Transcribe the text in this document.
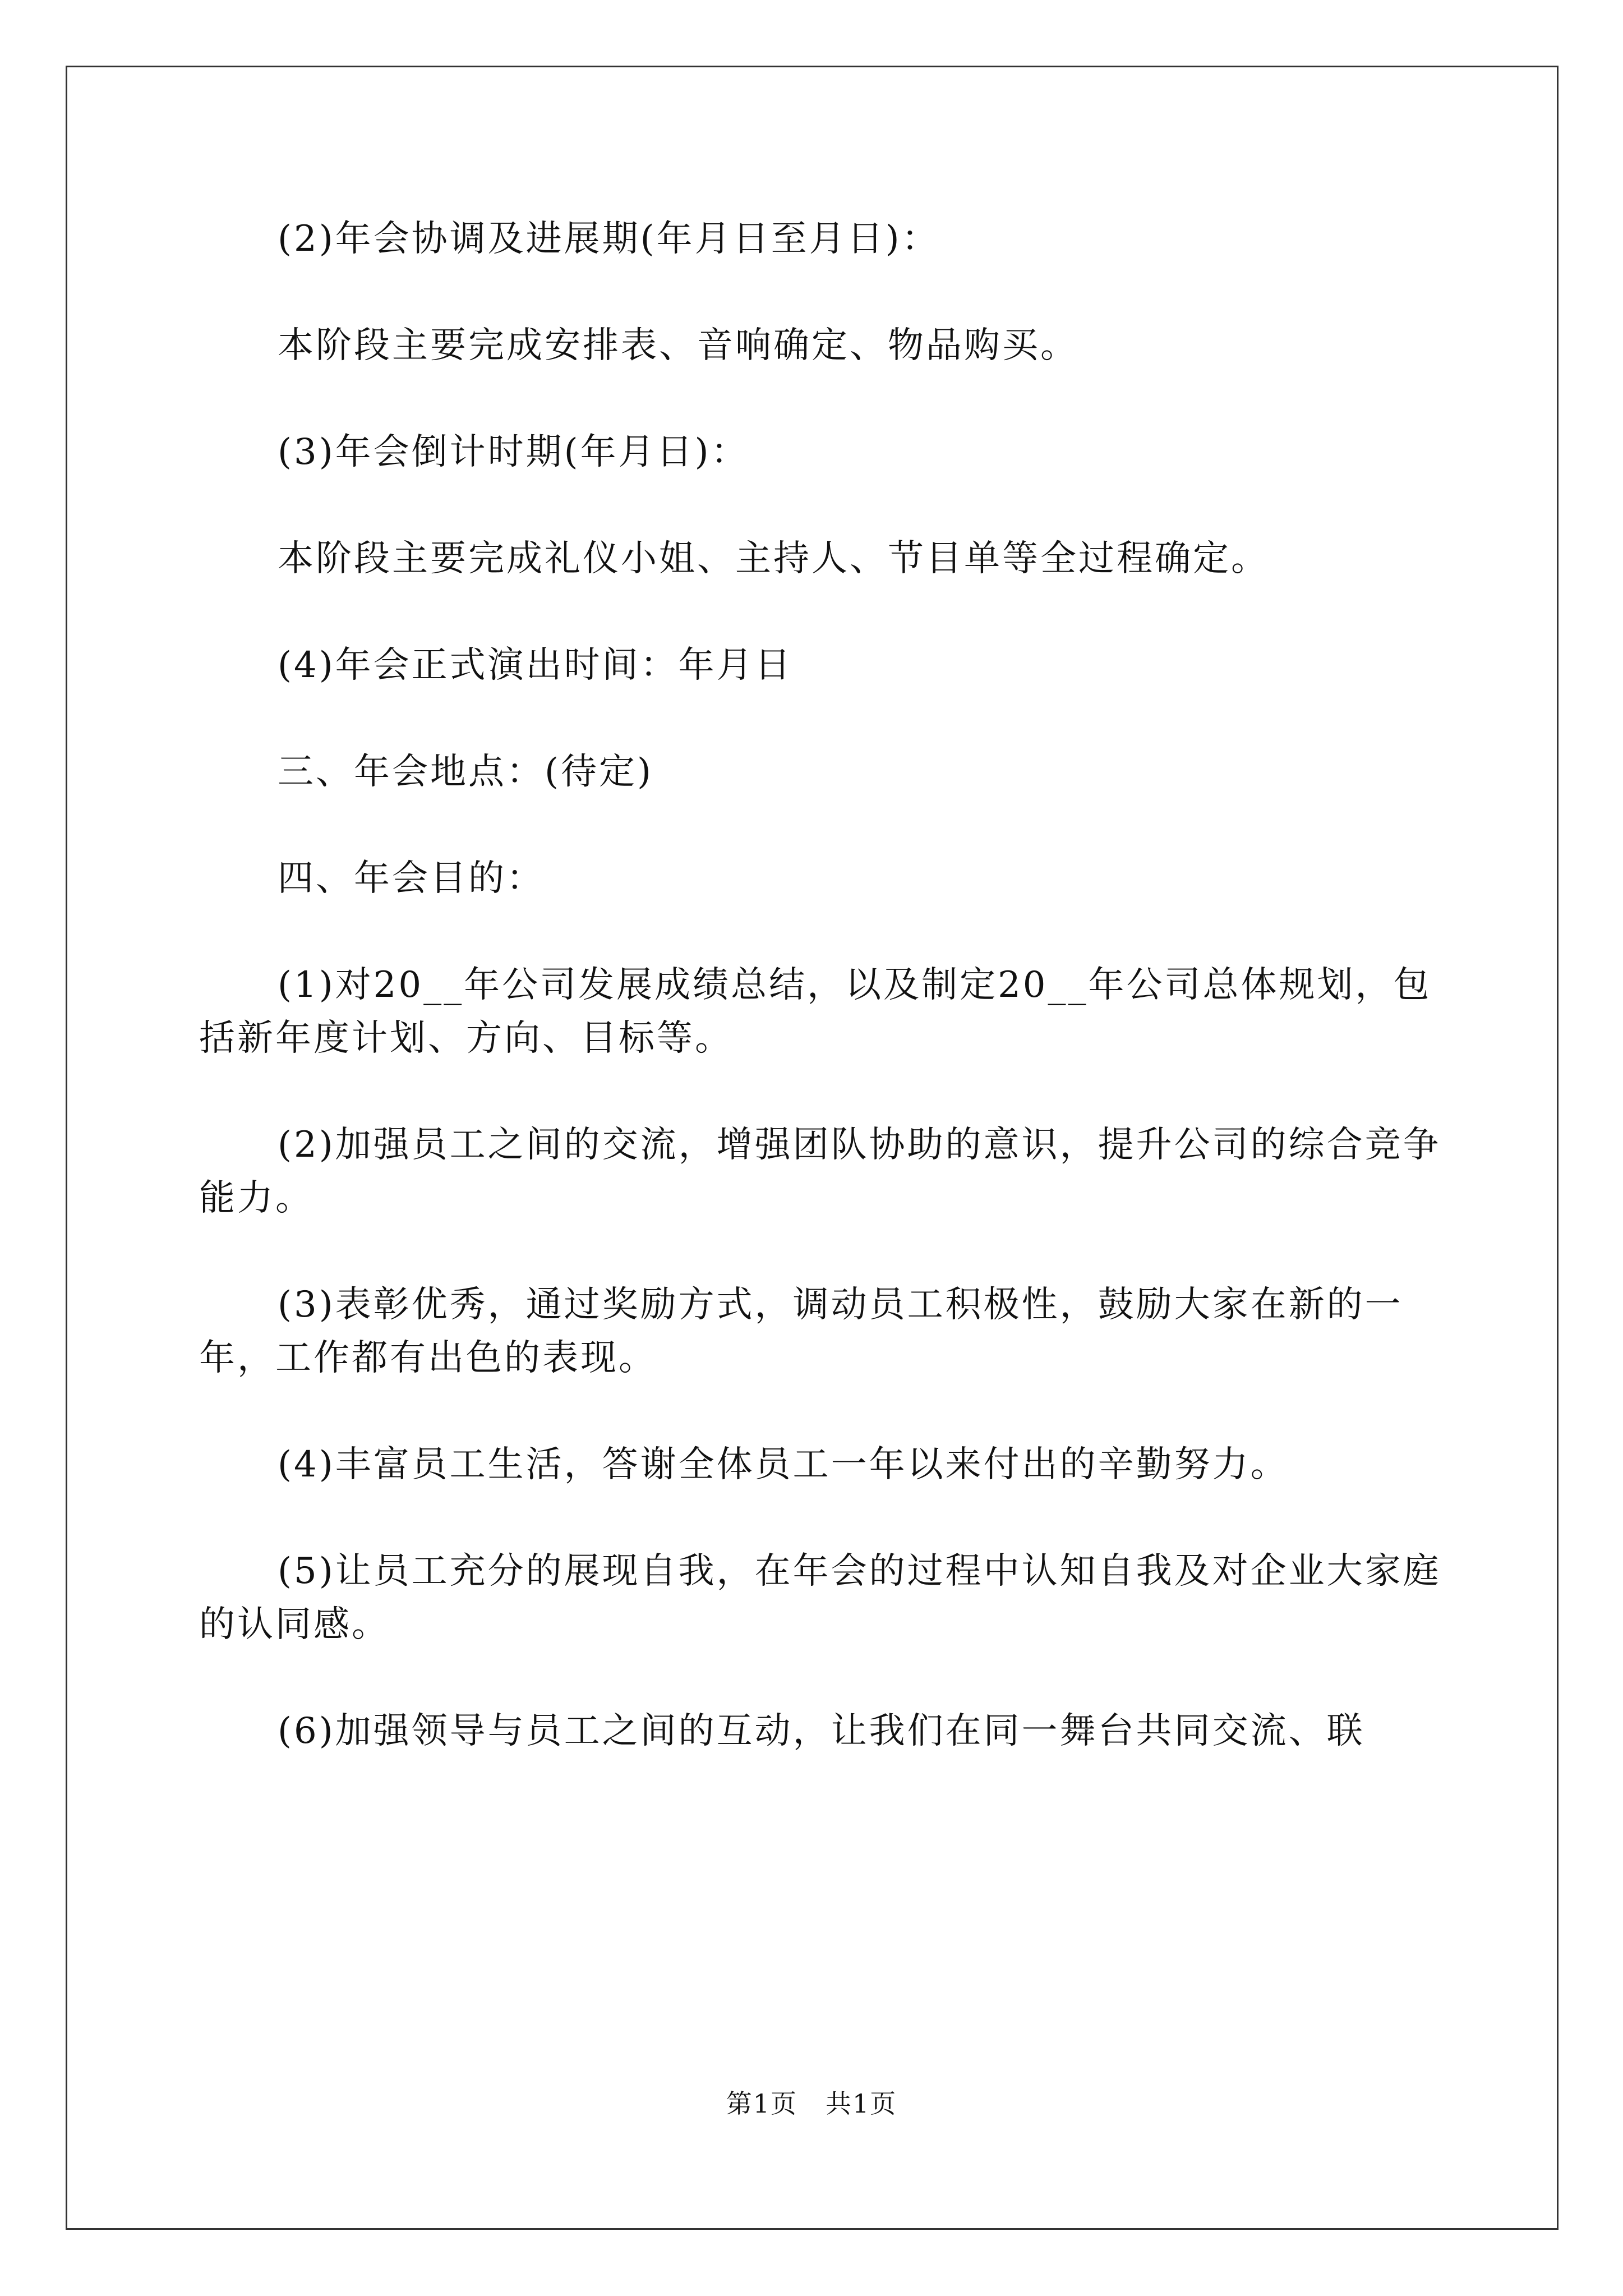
(2)年会协调及进展期(年月日至月日)：

本阶段主要完成安排表、音响确定、物品购买。

(3)年会倒计时期(年月日)：

本阶段主要完成礼仪小姐、主持人、节目单等全过程确定。

(4)年会正式演出时间：年月日

三、年会地点：(待定)

四、年会目的：

(1)对20__年公司发展成绩总结，以及制定20__年公司总体规划，包括新年度计划、方向、目标等。

(2)加强员工之间的交流，增强团队协助的意识，提升公司的综合竞争能力。

(3)表彰优秀，通过奖励方式，调动员工积极性，鼓励大家在新的一年，工作都有出色的表现。

(4)丰富员工生活，答谢全体员工一年以来付出的辛勤努力。

(5)让员工充分的展现自我，在年会的过程中认知自我及对企业大家庭的认同感。

(6)加强领导与员工之间的互动，让我们在同一舞台共同交流、联

第1页 共1页
